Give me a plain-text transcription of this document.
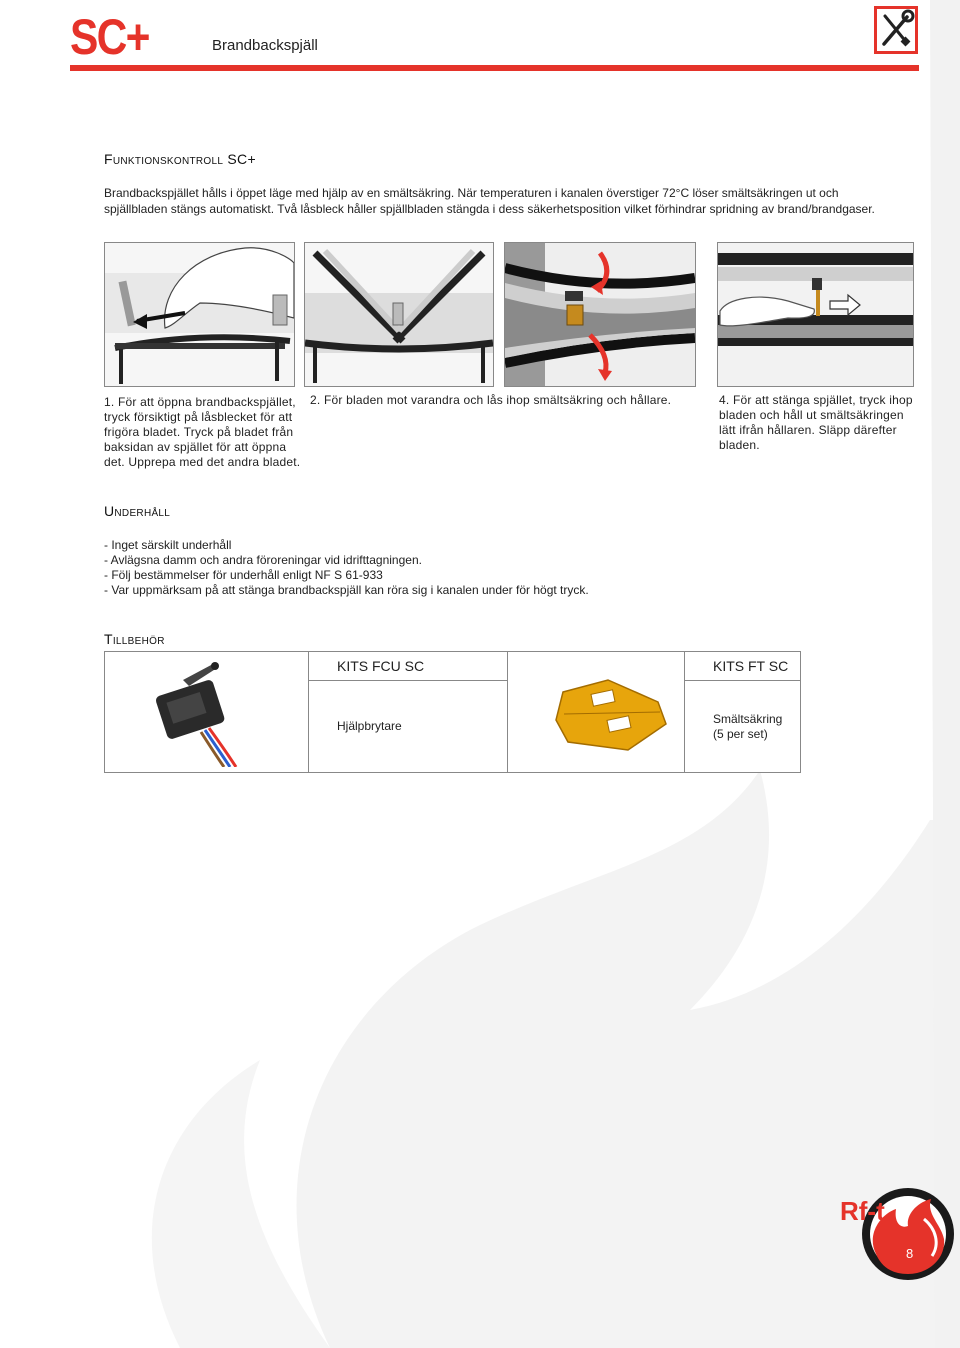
SC+	Brandbackspjäll
Funktionskontroll SC+
Brandbackspjället hålls i öppet läge med hjälp av en smältsäkring. När temperaturen i kanalen överstiger 72°C löser smältsäkringen ut och spjällbladen stängs automatiskt. Två låsbleck håller spjällbladen stängda i dess säkerhetsposition vilket förhindrar spridning av brand/brandgaser.
1. För att öppna brandbackspjället, tryck försiktigt på låsblecket för att frigöra bladet. Tryck på bladet från baksidan av spjället för att öppna det. Upprepa med det andra bladet.
2. För bladen mot varandra och lås ihop smältsäkring och hållare.	4. För att stänga spjället, tryck ihop bladen och håll ut smältsäkringen lätt ifrån hållaren. Släpp därefter bladen.
Underhåll
- Inget särskilt underhåll
- Avlägsna damm och andra föroreningar vid idrifttagningen.
- Följ bestämmelser för underhåll enligt NF S 61-933
- Var uppmärksam på att stänga brandbackspjäll kan röra sig i kanalen under för högt tryck.
Tillbehör
	KITS FCU SC		KITS FT SC
	Hjälpbrytare		Smältsäkring
(5 per set)
Rf-t
8
